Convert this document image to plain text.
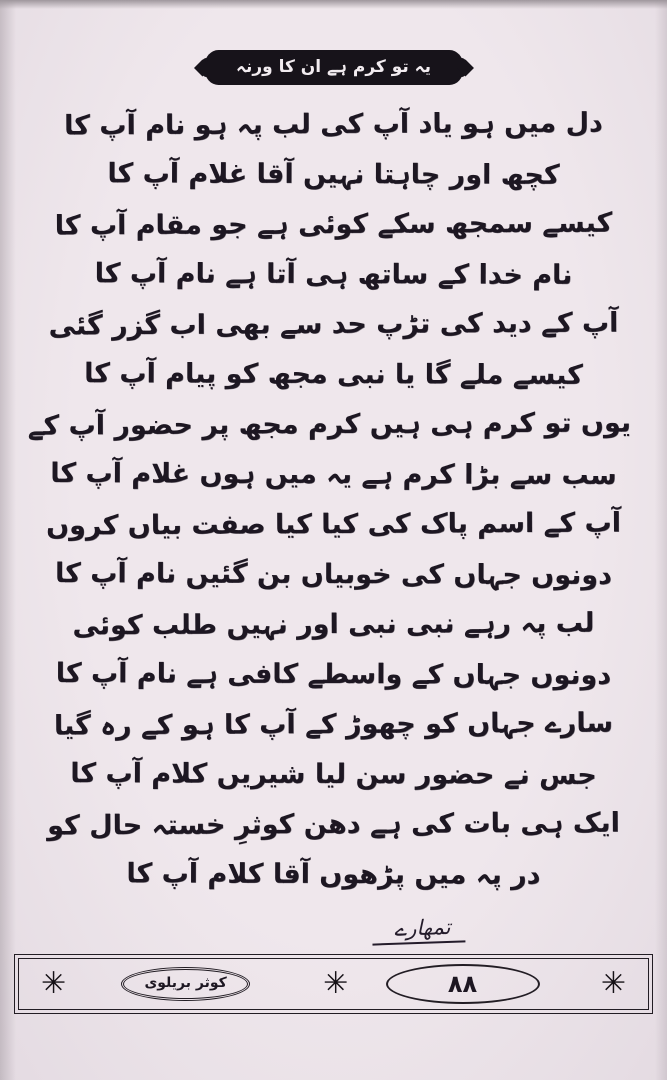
یہ تو کرم ہے ان کا ورنہ
دل میں ہو یاد آپ کی لب پہ ہو نام آپ کا
کچھ اور چاہتا نہیں آقا غلام آپ کا
کیسے سمجھ سکے کوئی ہے جو مقام آپ کا
نام خدا کے ساتھ ہی آتا ہے نام آپ کا
آپ کے دید کی تڑپ حد سے بھی اب گزر گئی
کیسے ملے گا یا نبی مجھ کو پیام آپ کا
یوں تو کرم ہی ہیں کرم مجھ پر حضور آپ کے
سب سے بڑا کرم ہے یہ میں ہوں غلام آپ کا
آپ کے اسم پاک کی کیا کیا صفت بیاں کروں
دونوں جہاں کی خوبیاں بن گئیں نام آپ کا
لب پہ رہے نبی نبی اور نہیں طلب کوئی
دونوں جہاں کے واسطے کافی ہے نام آپ کا
سارے جہاں کو چھوڑ کے آپ کا ہو کے رہ گیا
جس نے حضور سن لیا شیریں کلام آپ کا
ایک ہی بات کی ہے دھن کوثرِ خستہ حال کو
در پہ میں پڑھوں آقا کلام آپ کا
تمھارے
✳	کوثر بریلوی	✳	۸۸	✳
